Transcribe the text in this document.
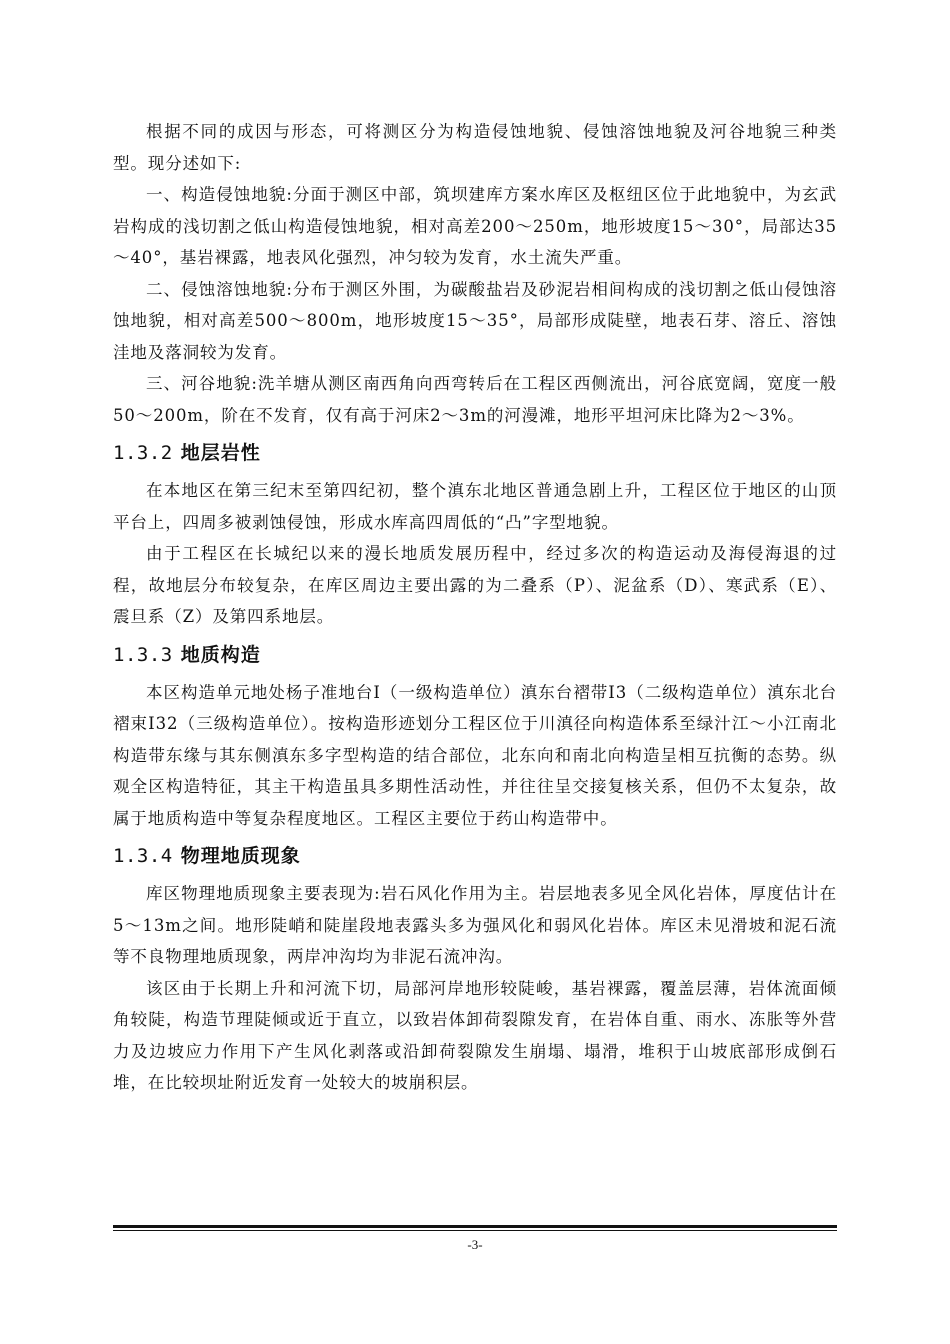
根据不同的成因与形态，可将测区分为构造侵蚀地貌、侵蚀溶蚀地貌及河谷地貌三种类型。现分述如下:

一、构造侵蚀地貌:分面于测区中部，筑坝建库方案水库区及枢纽区位于此地貌中，为玄武岩构成的浅切割之低山构造侵蚀地貌，相对高差200～250m，地形坡度15～30°，局部达35～40°，基岩裸露，地表风化强烈，冲匀较为发育，水土流失严重。

二、侵蚀溶蚀地貌:分布于测区外围，为碳酸盐岩及砂泥岩相间构成的浅切割之低山侵蚀溶蚀地貌，相对高差500～800m，地形坡度15～35°，局部形成陡壁，地表石芽、溶丘、溶蚀洼地及落洞较为发育。

三、河谷地貌:洗羊塘从测区南西角向西弯转后在工程区西侧流出，河谷底宽阔，宽度一般50～200m，阶在不发育，仅有高于河床2～3m的河漫滩，地形平坦河床比降为2～3%。

1.3.2 地层岩性

在本地区在第三纪末至第四纪初，整个滇东北地区普通急剧上升，工程区位于地区的山顶平台上，四周多被剥蚀侵蚀，形成水库高四周低的“凸”字型地貌。

由于工程区在长城纪以来的漫长地质发展历程中，经过多次的构造运动及海侵海退的过程，故地层分布较复杂，在库区周边主要出露的为二叠系（P）、泥盆系（D）、寒武系（E）、震旦系（Z）及第四系地层。

1.3.3 地质构造

本区构造单元地处杨子准地台Ⅰ（一级构造单位）滇东台褶带Ⅰ3（二级构造单位）滇东北台褶束Ⅰ32（三级构造单位）。按构造形迹划分工程区位于川滇径向构造体系至绿汁江～小江南北构造带东缘与其东侧滇东多字型构造的结合部位，北东向和南北向构造呈相互抗衡的态势。纵观全区构造特征，其主干构造虽具多期性活动性，并往往呈交接复核关系，但仍不太复杂，故属于地质构造中等复杂程度地区。工程区主要位于药山构造带中。

1.3.4 物理地质现象

库区物理地质现象主要表现为:岩石风化作用为主。岩层地表多见全风化岩体，厚度估计在5～13m之间。地形陡峭和陡崖段地表露头多为强风化和弱风化岩体。库区未见滑坡和泥石流等不良物理地质现象，两岸冲沟均为非泥石流冲沟。

该区由于长期上升和河流下切，局部河岸地形较陡峻，基岩裸露，覆盖层薄，岩体流面倾角较陡，构造节理陡倾或近于直立，以致岩体卸荷裂隙发育，在岩体自重、雨水、冻胀等外营力及边坡应力作用下产生风化剥落或沿卸荷裂隙发生崩塌、塌滑，堆积于山坡底部形成倒石堆，在比较坝址附近发育一处较大的坡崩积层。

-3-
